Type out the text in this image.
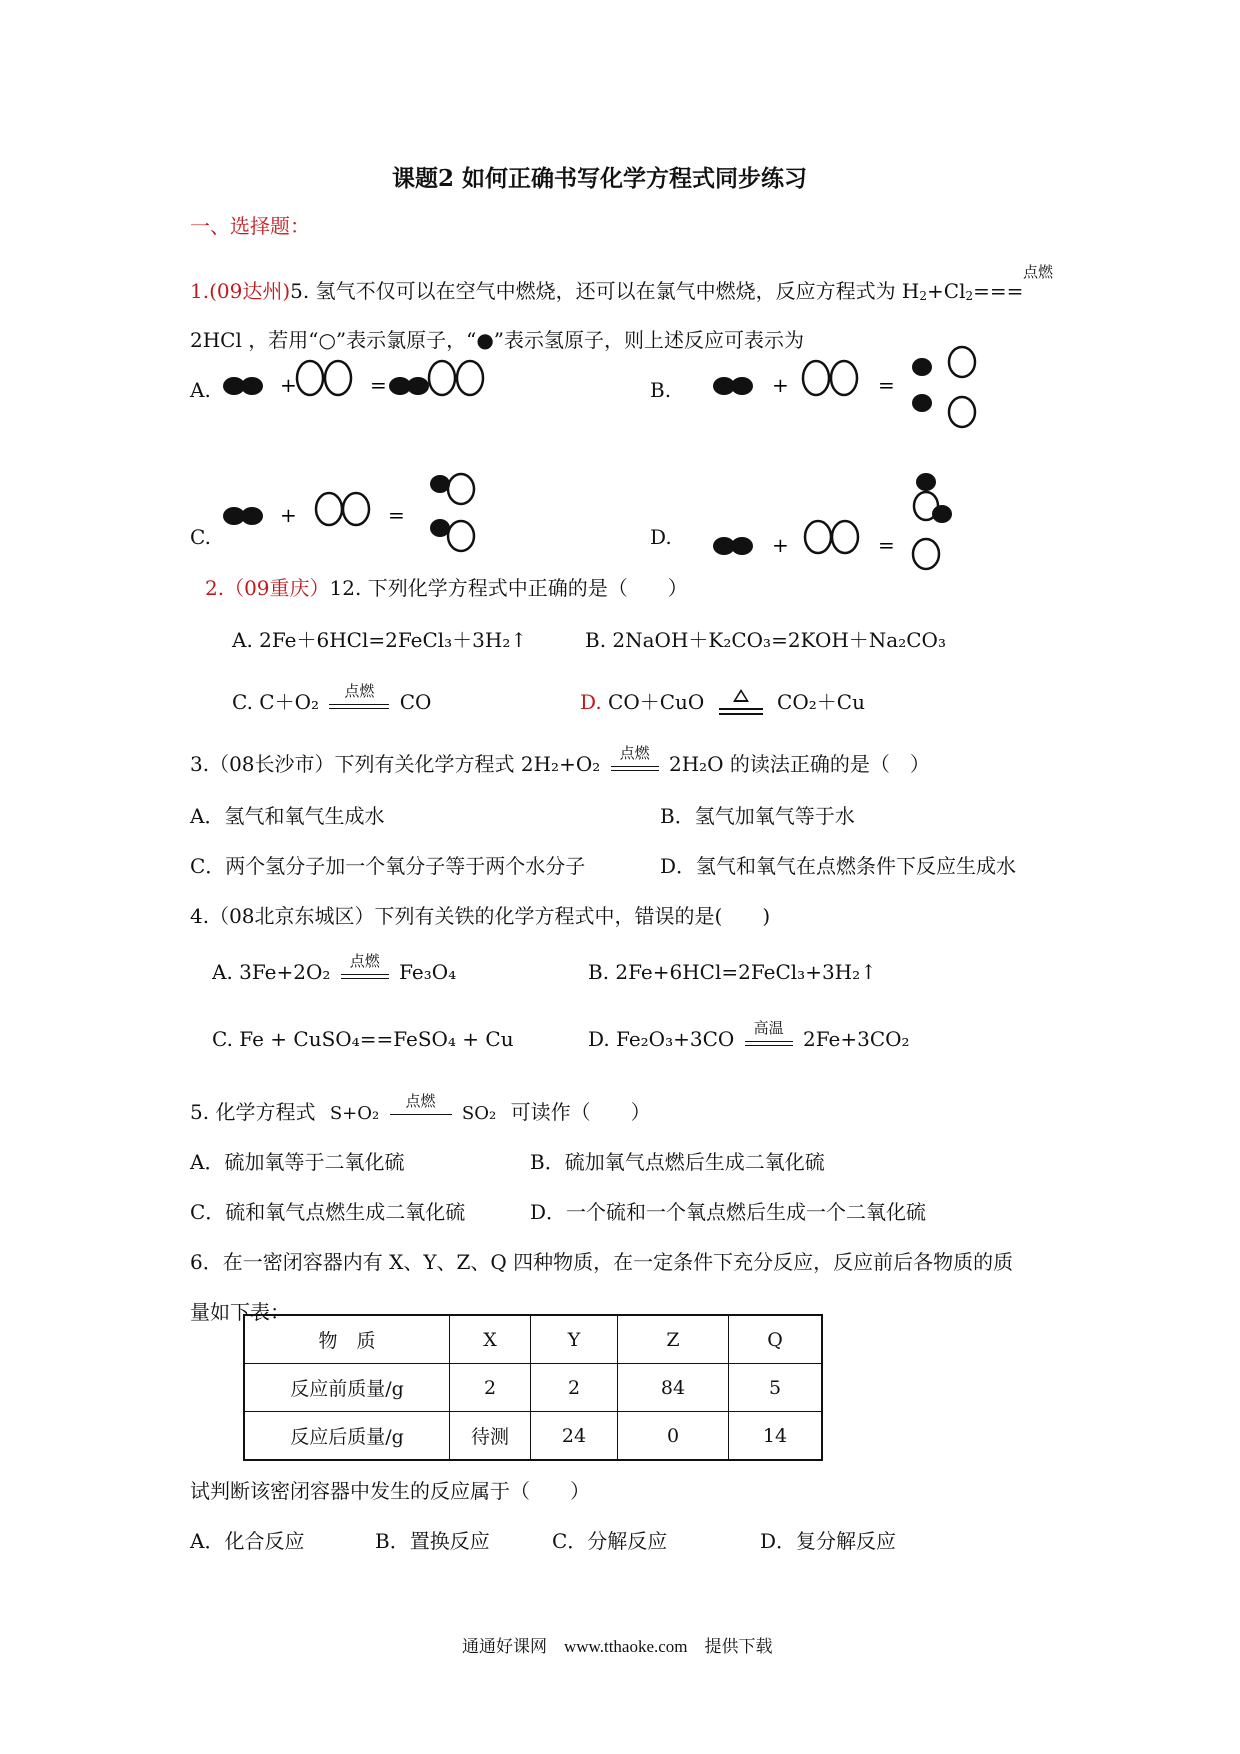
课题2 如何正确书写化学方程式同步练习
一、选择题：
1.(09达州)5. 氢气不仅可以在空气中燃烧，还可以在氯气中燃烧，反应方程式为 $H_2+Cl_2===$
点燃
2HCl ，若用“○”表示氯原子，“●”表示氢原子，则上述反应可表示为
A.	B.
C.	D.
+	=	+	=
+	=
+	=
2.（09重庆）12. 下列化学方程式中正确的是（　　）
A. 2Fe＋6HCl=2FeCl₃＋3H₂↑	B. 2NaOH＋K₂CO₃=2KOH＋Na₂CO₃
C. C＋O₂	点燃	CO	D. CO＋CuO	CO₂＋Cu
3.（08长沙市）下列有关化学方程式 2H₂+O₂	点燃 2H₂O 的读法正确的是（　）
A．氢气和氧气生成水	B．氢气加氧气等于水
C．两个氢分子加一个氧分子等于两个水分子	D．氢气和氧气在点燃条件下反应生成水
4.（08北京东城区）下列有关铁的化学方程式中，错误的是(　　)
A. 3Fe+2O₂	点燃 Fe₃O₄	B. 2Fe+6HCl=2FeCl₃+3H₂↑
C. Fe + CuSO₄==FeSO₄ + Cu	D. Fe₂O₃+3CO	高温 2Fe+3CO₂
5. 化学方程式 S+O₂
点燃
SO₂ 可读作（　　）
A．硫加氧等于二氧化硫	B．硫加氧气点燃后生成二氧化硫
C．硫和氧气点燃生成二氧化硫	D．一个硫和一个氧点燃后生成一个二氧化硫
6．在一密闭容器内有 X、Y、Z、Q 四种物质，在一定条件下充分反应，反应前后各物质的质
量如下表：
物　质	X	Y	Z	Q
反应前质量/g	2	2	84	5
反应后质量/g	待测	24	0	14
试判断该密闭容器中发生的反应属于（　　）
A．化合反应	B．置换反应	C．分解反应	D．复分解反应
通通好课网　www.tthaoke.com　提供下载
